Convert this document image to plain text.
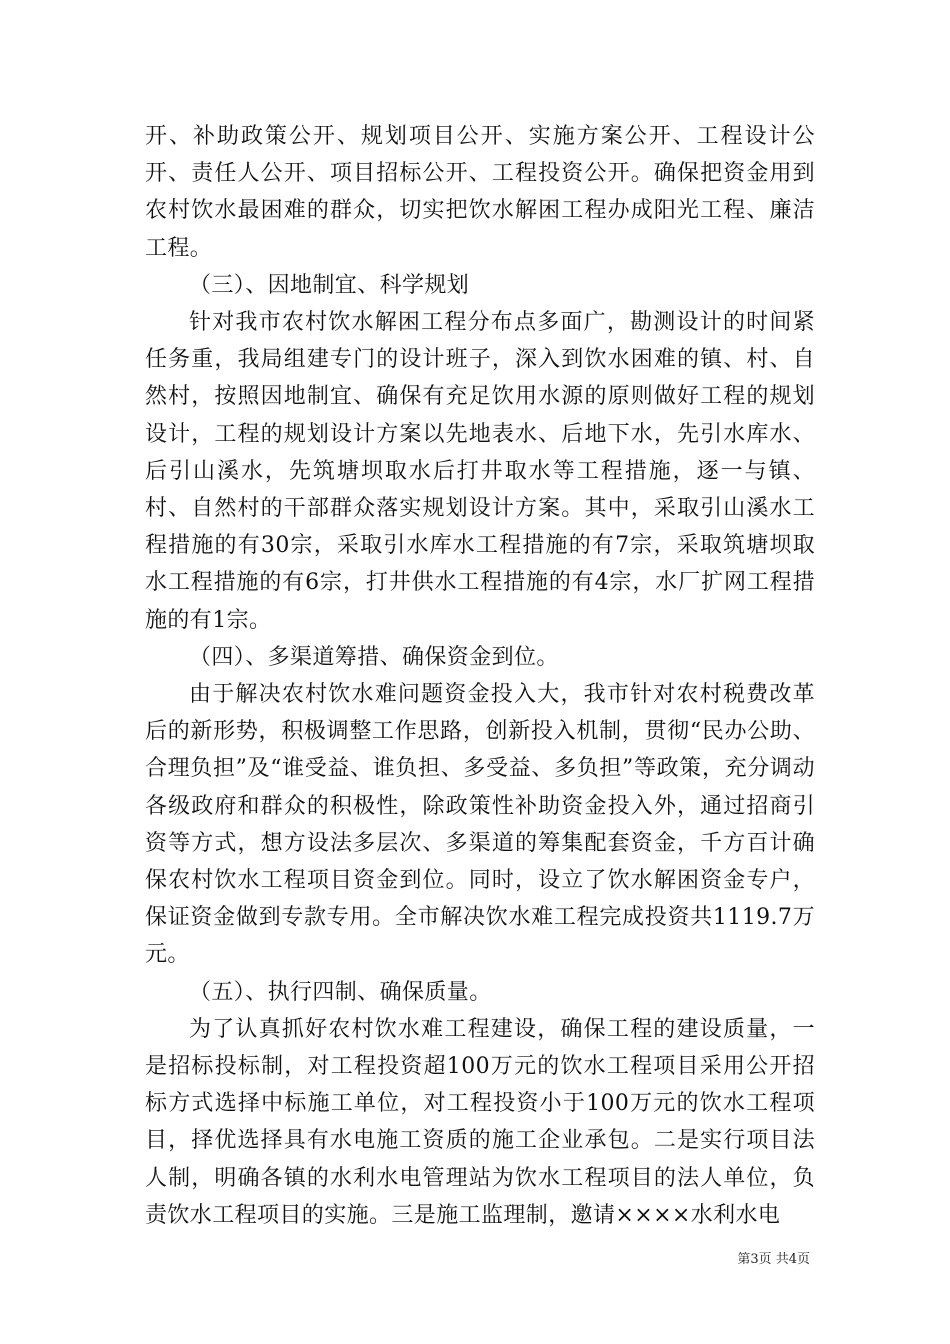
开、补助政策公开、规划项目公开、实施方案公开、工程设计公开、责任人公开、项目招标公开、工程投资公开。确保把资金用到农村饮水最困难的群众，切实把饮水解困工程办成阳光工程、廉洁工程。

（三）、因地制宜、科学规划

针对我市农村饮水解困工程分布点多面广，勘测设计的时间紧任务重，我局组建专门的设计班子，深入到饮水困难的镇、村、自然村，按照因地制宜、确保有充足饮用水源的原则做好工程的规划设计，工程的规划设计方案以先地表水、后地下水，先引水库水、后引山溪水，先筑塘坝取水后打井取水等工程措施，逐一与镇、村、自然村的干部群众落实规划设计方案。其中，采取引山溪水工程措施的有30宗，采取引水库水工程措施的有7宗，采取筑塘坝取水工程措施的有6宗，打井供水工程措施的有4宗，水厂扩网工程措施的有1宗。

（四）、多渠道筹措、确保资金到位。

由于解决农村饮水难问题资金投入大，我市针对农村税费改革后的新形势，积极调整工作思路，创新投入机制，贯彻“民办公助、合理负担”及“谁受益、谁负担、多受益、多负担”等政策，充分调动各级政府和群众的积极性，除政策性补助资金投入外，通过招商引资等方式，想方设法多层次、多渠道的筹集配套资金，千方百计确保农村饮水工程项目资金到位。同时，设立了饮水解困资金专户，保证资金做到专款专用。全市解决饮水难工程完成投资共1119.7万元。

（五）、执行四制、确保质量。

为了认真抓好农村饮水难工程建设，确保工程的建设质量，一是招标投标制，对工程投资超100万元的饮水工程项目采用公开招标方式选择中标施工单位，对工程投资小于100万元的饮水工程项目，择优选择具有水电施工资质的施工企业承包。二是实行项目法人制，明确各镇的水利水电管理站为饮水工程项目的法人单位，负责饮水工程项目的实施。三是施工监理制，邀请××××水利水电

第3页 共4页
